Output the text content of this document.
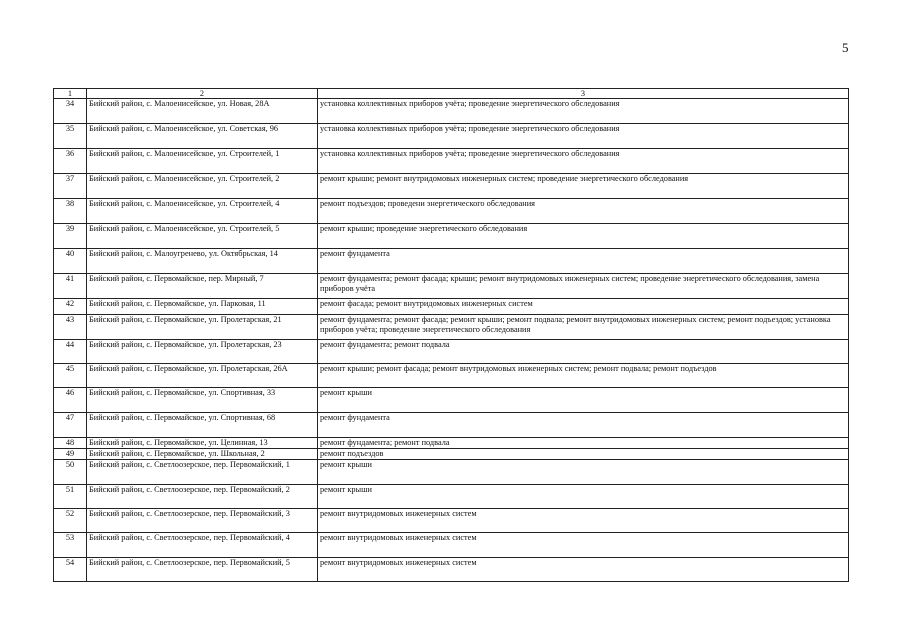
5
1	2	3
34	Бийский район, с. Малоенисейское, ул. Новая, 28А	установка коллективных приборов учёта; проведение энергетического обследования
35	Бийский район, с. Малоенисейское, ул. Советская, 96	установка коллективных приборов учёта; проведение энергетического обследования
36	Бийский район, с. Малоенисейское, ул. Строителей, 1	установка коллективных приборов учёта; проведение энергетического обследования
37	Бийский район, с. Малоенисейское, ул. Строителей, 2	ремонт крыши; ремонт внутридомовых инженерных систем; проведение энергетического обследования
38	Бийский район, с. Малоенисейское, ул. Строителей, 4	ремонт подъездов; проведени энергетического обследования
39	Бийский район, с. Малоенисейское, ул. Строителей, 5	ремонт крыши; проведение энергетического обследования
40	Бийский район, с. Малоугренево, ул. Октябрьская, 14	ремонт фундамента
41	Бийский район, с. Первомайское, пер. Мирный, 7	ремонт фундамента; ремонт фасада; крыши; ремонт внутридомовых инженерных систем; проведение энергетического обследования, замена приборов учёта
42	Бийский район, с. Первомайское, ул. Парковая, 11	ремонт фасада; ремонт внутридомовых инженерных систем
43	Бийский район, с. Первомайское, ул. Пролетарская, 21	ремонт фундамента; ремонт фасада; ремонт крыши; ремонт подвала; ремонт внутридомовых инженерных систем; ремонт подъездов; установка приборов учёта; проведение энергетического обследования
44	Бийский район, с. Первомайское, ул. Пролетарская, 23	ремонт фундамента; ремонт подвала
45	Бийский район, с. Первомайское, ул. Пролетарская, 26А	ремонт крыши; ремонт фасада; ремонт внутридомовых инженерных систем; ремонт подвала; ремонт подъездов
46	Бийский район, с. Первомайское, ул. Спортивная, 33	ремонт крыши
47	Бийский район, с. Первомайское, ул. Спортивная, 68	ремонт фундамента
48	Бийский район, с. Первомайское, ул. Целинная, 13	ремонт фундамента; ремонт подвала
49	Бийский район, с. Первомайское, ул. Школьная, 2	ремонт подъездов
50	Бийский район, с. Светлоозерское, пер. Первомайский, 1	ремонт крыши
51	Бийский район, с. Светлоозерское, пер. Первомайский, 2	ремонт крыши
52	Бийский район, с. Светлоозерское, пер. Первомайский, 3	ремонт внутридомовых инженерных систем
53	Бийский район, с. Светлоозерское, пер. Первомайский, 4	ремонт внутридомовых инженерных систем
54	Бийский район, с. Светлоозерское, пер. Первомайский, 5	ремонт внутридомовых инженерных систем
